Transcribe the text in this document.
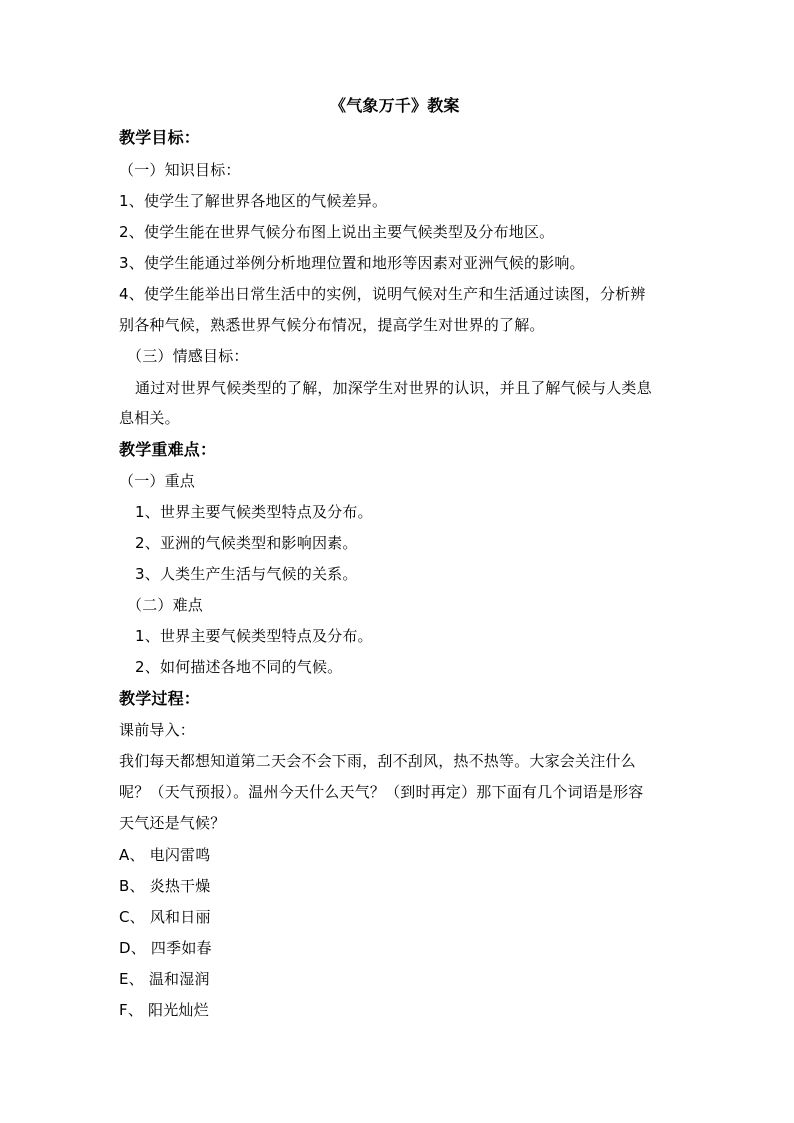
《气象万千》教案
教学目标：
（一）知识目标：
1、使学生了解世界各地区的气候差异。
2、使学生能在世界气候分布图上说出主要气候类型及分布地区。
3、使学生能通过举例分析地理位置和地形等因素对亚洲气候的影响。
4、使学生能举出日常生活中的实例，说明气候对生产和生活通过读图，分析辨
别各种气候，熟悉世界气候分布情况，提高学生对世界的了解。
（三）情感目标：
通过对世界气候类型的了解，加深学生对世界的认识，并且了解气候与人类息
息相关。
教学重难点：
（一）重点
1、世界主要气候类型特点及分布。
2、亚洲的气候类型和影响因素。
3、人类生产生活与气候的关系。
（二）难点
1、世界主要气候类型特点及分布。
2、如何描述各地不同的气候。
教学过程：
课前导入：
我们每天都想知道第二天会不会下雨，刮不刮风，热不热等。大家会关注什么
呢？（天气预报）。温州今天什么天气？（到时再定）那下面有几个词语是形容
天气还是气候？
A、 电闪雷鸣
B、 炎热干燥
C、 风和日丽
D、 四季如春
E、 温和湿润
F、 阳光灿烂
